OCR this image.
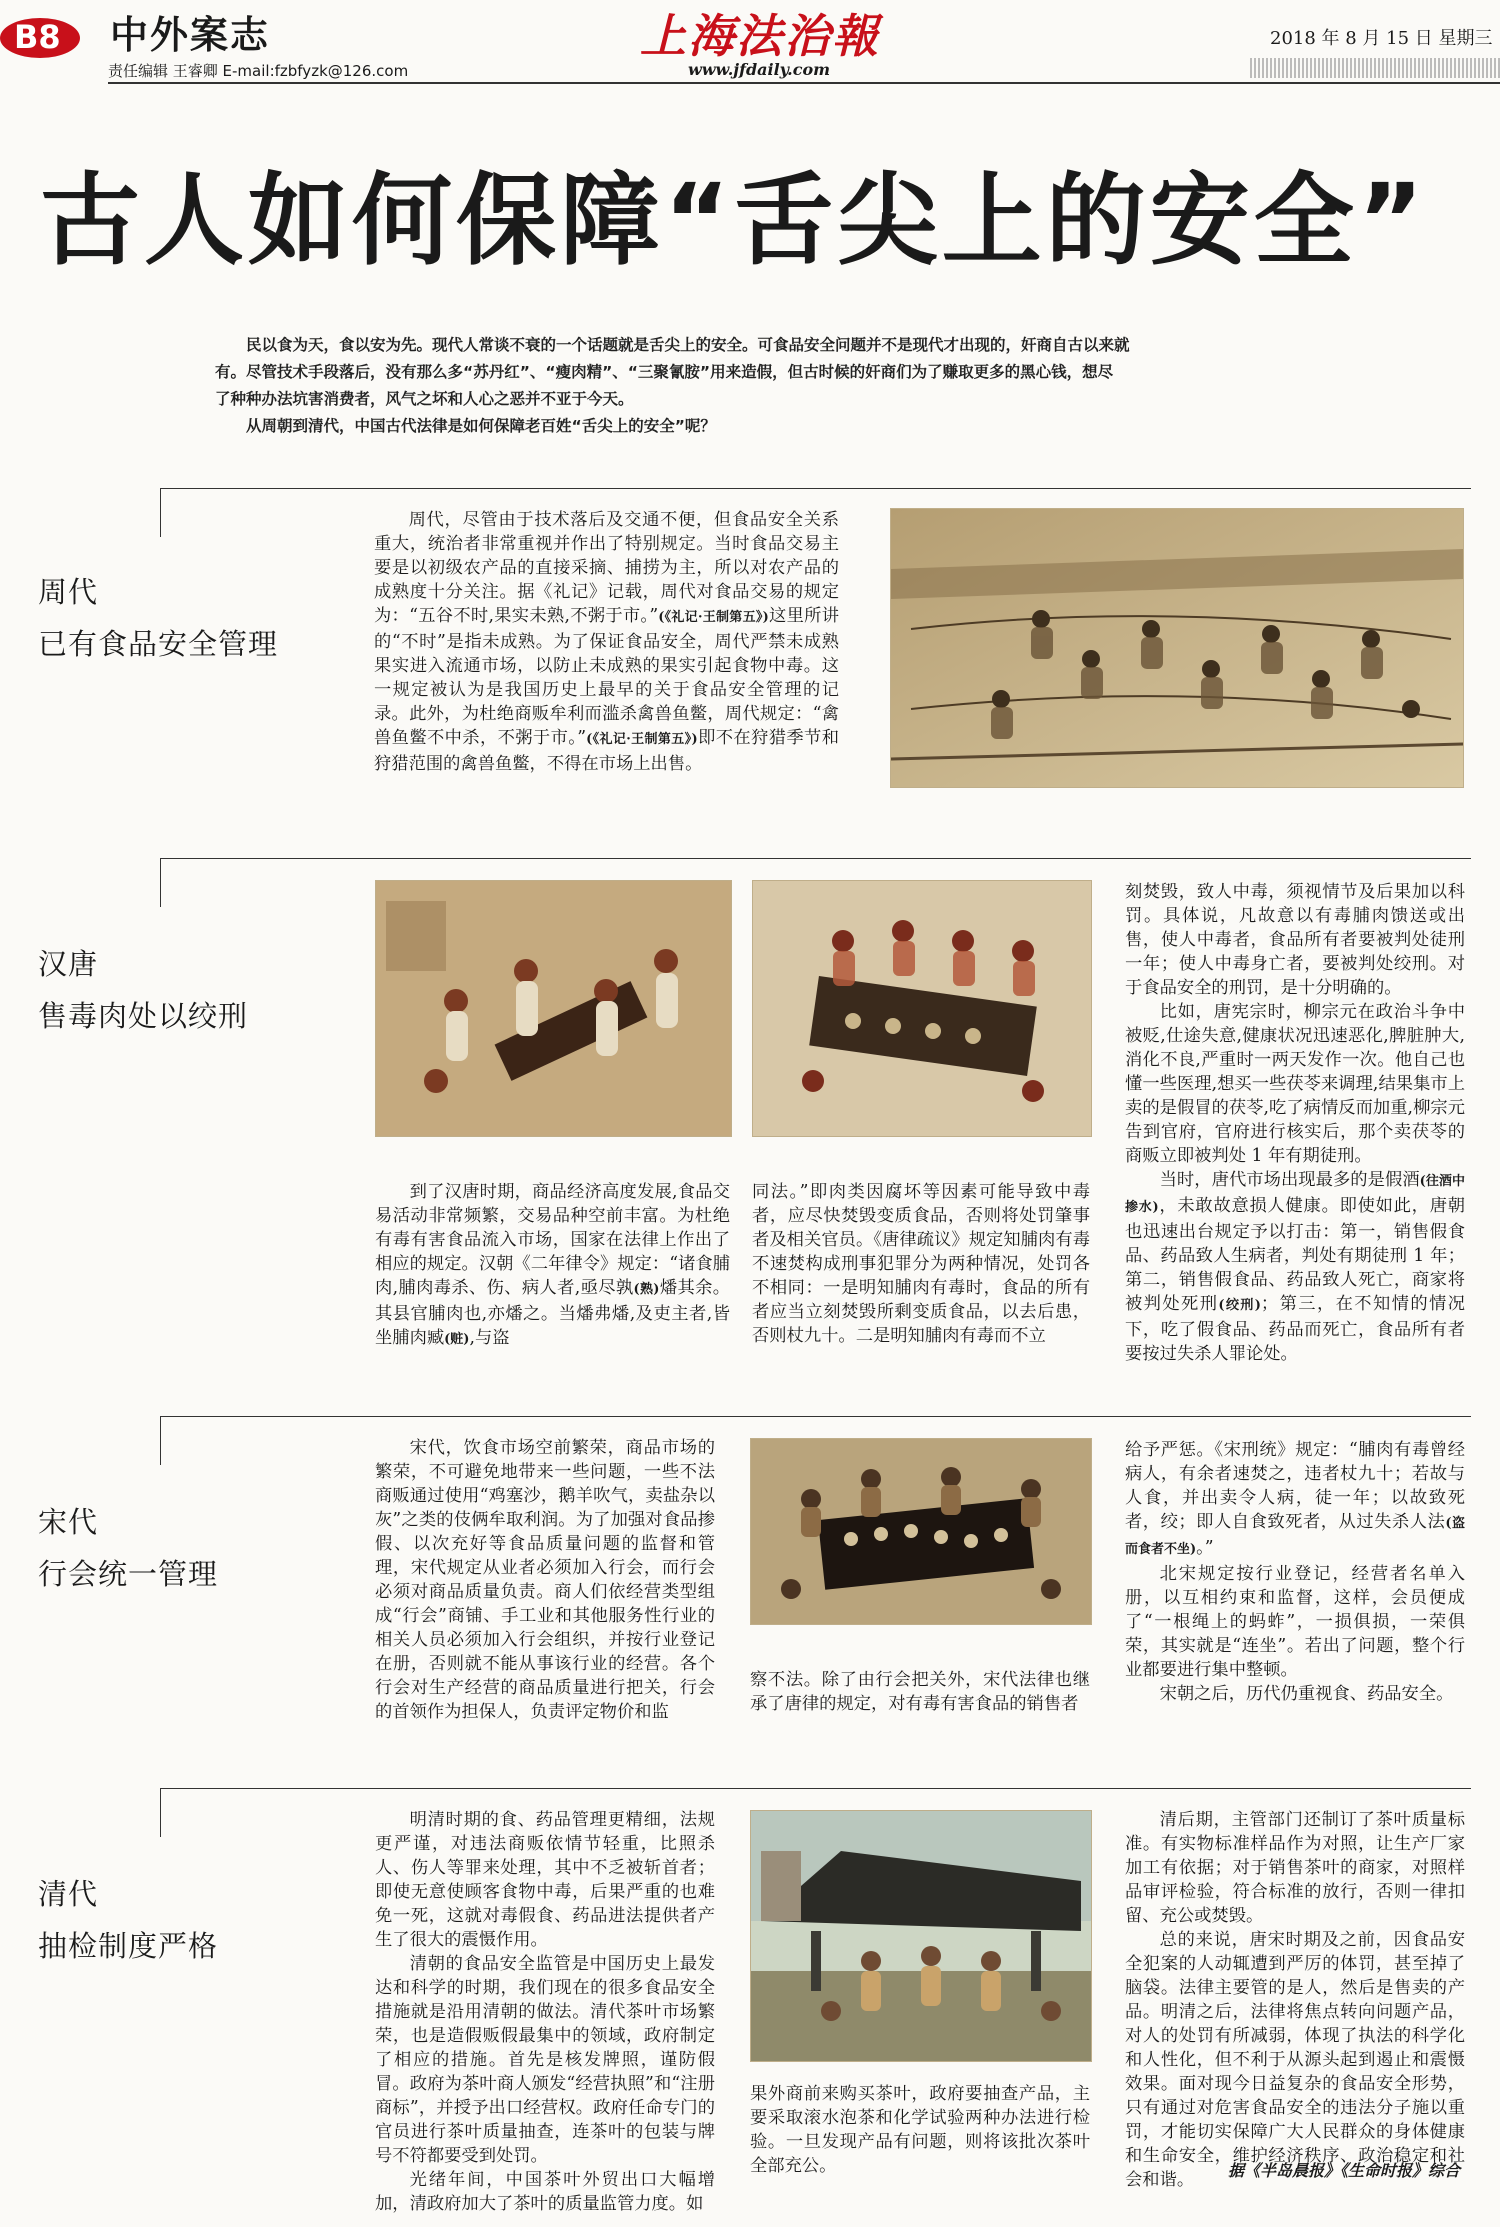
B8 中外案志
责任编辑 王睿卿 E-mail:fzbfyzk@126.com
上海法治報
www.jfdaily.com
2018 年 8 月 15 日 星期三
古人如何保障“舌尖上的安全”

民以食为天，食以安为先。现代人常谈不衰的一个话题就是舌尖上的安全。可食品安全问题并不是现代才出现的，奸商自古以来就

有。尽管技术手段落后，没有那么多“苏丹红”、“瘦肉精”、“三聚氰胺”用来造假，但古时候的奸商们为了赚取更多的黑心钱，想尽

了种种办法坑害消费者，风气之坏和人心之恶并不亚于今天。

从周朝到清代，中国古代法律是如何保障老百姓“舌尖上的安全”呢？

周代
已有食品安全管理

周代，尽管由于技术落后及交通不便，但食品安全关系重大，统治者非常重视并作出了特别规定。当时食品交易主要是以初级农产品的直接采摘、捕捞为主，所以对农产品的成熟度十分关注。据《礼记》记载，周代对食品交易的规定为：“五谷不时,果实未熟,不粥于市。”(《礼记·王制第五》)这里所讲的“不时”是指未成熟。为了保证食品安全，周代严禁未成熟果实进入流通市场，以防止未成熟的果实引起食物中毒。这一规定被认为是我国历史上最早的关于食品安全管理的记录。此外，为杜绝商贩牟利而滥杀禽兽鱼鳖，周代规定：“禽兽鱼鳖不中杀，不粥于市。”(《礼记·王制第五》)即不在狩猎季节和狩猎范围的禽兽鱼鳖，不得在市场上出售。

汉唐
售毒肉处以绞刑

到了汉唐时期，商品经济高度发展,食品交易活动非常频繁，交易品种空前丰富。为杜绝有毒有害食品流入市场，国家在法律上作出了相应的规定。汉朝《二年律令》规定：“诸食脯肉,脯肉毒杀、伤、病人者,亟尽孰(熟)燔其余。其县官脯肉也,亦燔之。当燔弗燔,及吏主者,皆坐脯肉臧(赃),与盗

同法。”即肉类因腐坏等因素可能导致中毒者，应尽快焚毁变质食品，否则将处罚肇事者及相关官员。《唐律疏议》规定知脯肉有毒不速焚构成刑事犯罪分为两种情况，处罚各不相同：一是明知脯肉有毒时，食品的所有者应当立刻焚毁所剩变质食品，以去后患，否则杖九十。二是明知脯肉有毒而不立

刻焚毁，致人中毒，须视情节及后果加以科罚。具体说，凡故意以有毒脯肉馈送或出售，使人中毒者，食品所有者要被判处徒刑一年；使人中毒身亡者，要被判处绞刑。对于食品安全的刑罚，是十分明确的。

比如，唐宪宗时，柳宗元在政治斗争中被贬,仕途失意,健康状况迅速恶化,脾脏肿大,消化不良,严重时一两天发作一次。他自己也懂一些医理,想买一些茯苓来调理,结果集市上卖的是假冒的茯苓,吃了病情反而加重,柳宗元告到官府，官府进行核实后，那个卖茯苓的商贩立即被判处 1 年有期徒刑。

当时，唐代市场出现最多的是假酒(往酒中掺水)，未敢故意损人健康。即使如此，唐朝也迅速出台规定予以打击：第一，销售假食品、药品致人生病者，判处有期徒刑 1 年；第二，销售假食品、药品致人死亡，商家将被判处死刑(绞刑)；第三，在不知情的情况下，吃了假食品、药品而死亡，食品所有者要按过失杀人罪论处。

宋代
行会统一管理

宋代，饮食市场空前繁荣，商品市场的繁荣，不可避免地带来一些问题，一些不法商贩通过使用“鸡塞沙，鹅羊吹气，卖盐杂以灰”之类的伎俩牟取利润。为了加强对食品掺假、以次充好等食品质量问题的监督和管理，宋代规定从业者必须加入行会，而行会必须对商品质量负责。商人们依经营类型组成“行会”商铺、手工业和其他服务性行业的相关人员必须加入行会组织，并按行业登记在册，否则就不能从事该行业的经营。各个行会对生产经营的商品质量进行把关，行会的首领作为担保人，负责评定物价和监

察不法。除了由行会把关外，宋代法律也继承了唐律的规定，对有毒有害食品的销售者

给予严惩。《宋刑统》规定：“脯肉有毒曾经病人，有余者速焚之，违者杖九十；若故与人食，并出卖令人病，徒一年；以故致死者，绞；即人自食致死者，从过失杀人法(盗而食者不坐)。”

北宋规定按行业登记，经营者名单入册，以互相约束和监督，这样，会员便成了“一根绳上的蚂蚱”，一损俱损，一荣俱荣，其实就是“连坐”。若出了问题，整个行业都要进行集中整顿。

宋朝之后，历代仍重视食、药品安全。

清代
抽检制度严格

明清时期的食、药品管理更精细，法规更严谨，对违法商贩依情节轻重，比照杀人、伤人等罪来处理，其中不乏被斩首者；即使无意使顾客食物中毒，后果严重的也难免一死，这就对毒假食、药品进法提供者产生了很大的震慑作用。

清朝的食品安全监管是中国历史上最发达和科学的时期，我们现在的很多食品安全措施就是沿用清朝的做法。清代茶叶市场繁荣，也是造假贩假最集中的领域，政府制定了相应的措施。首先是核发牌照，谨防假冒。政府为茶叶商人颁发“经营执照”和“注册商标”，并授予出口经营权。政府任命专门的官员进行茶叶质量抽查，连茶叶的包装与牌号不符都要受到处罚。

光绪年间，中国茶叶外贸出口大幅增加，清政府加大了茶叶的质量监管力度。如

果外商前来购买茶叶，政府要抽查产品，主要采取滚水泡茶和化学试验两种办法进行检验。一旦发现产品有问题，则将该批次茶叶全部充公。

清后期，主管部门还制订了茶叶质量标准。有实物标准样品作为对照，让生产厂家加工有依据；对于销售茶叶的商家，对照样品审评检验，符合标准的放行，否则一律扣留、充公或焚毁。

总的来说，唐宋时期及之前，因食品安全犯案的人动辄遭到严厉的体罚，甚至掉了脑袋。法律主要管的是人，然后是售卖的产品。明清之后，法律将焦点转向问题产品，对人的处罚有所减弱，体现了执法的科学化和人性化，但不利于从源头起到遏止和震慑效果。面对现今日益复杂的食品安全形势，只有通过对危害食品安全的违法分子施以重罚，才能切实保障广大人民群众的身体健康和生命安全，维护经济秩序、政治稳定和社会和谐。	据《半岛晨报》《生命时报》综合
